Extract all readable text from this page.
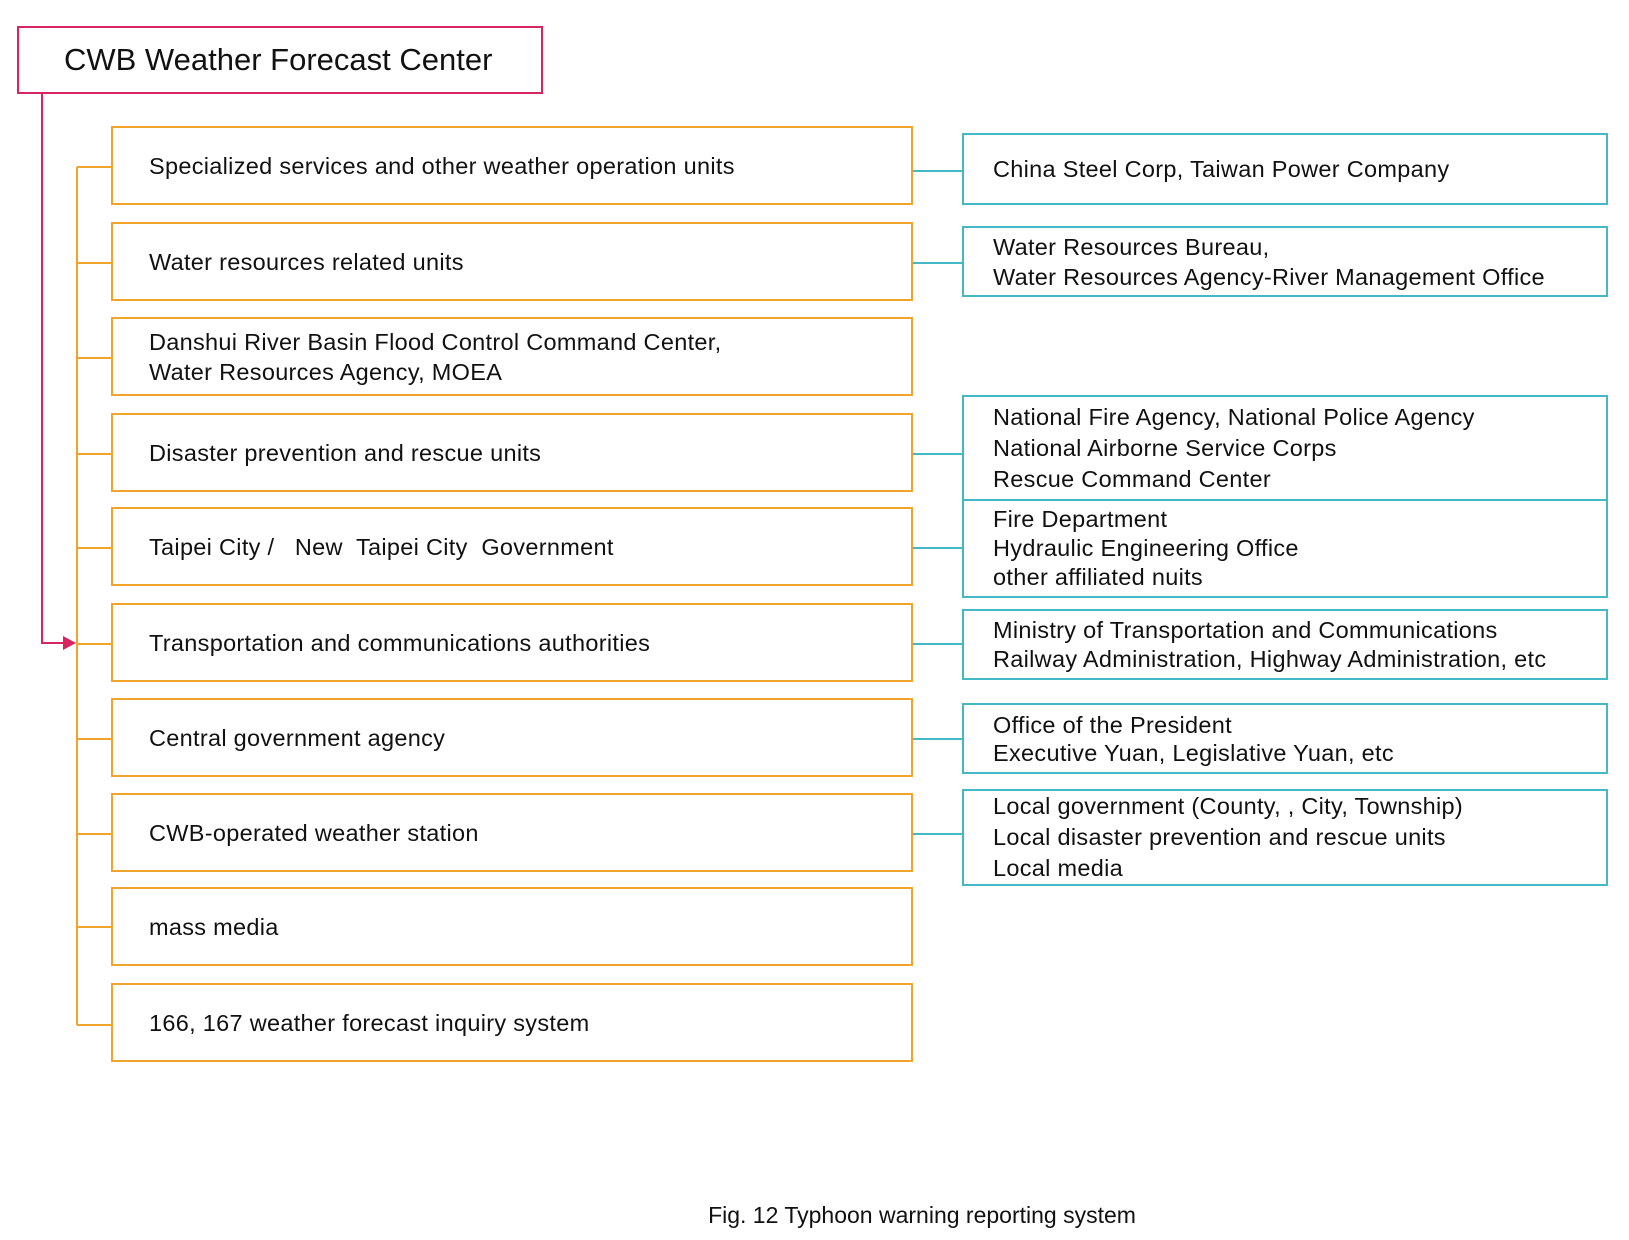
CWB Weather Forecast Center
Specialized services and other weather operation units
Water resources related units
Danshui River Basin Flood Control Command Center,
Water Resources Agency, MOEA
Disaster prevention and rescue units
Taipei City /   New  Taipei City  Government
Transportation and communications authorities
Central government agency
CWB-operated weather station
mass media
166, 167 weather forecast inquiry system
China Steel Corp, Taiwan Power Company
Water Resources Bureau,
Water Resources Agency-River Management Office
National Fire Agency, National Police Agency
National Airborne Service Corps
Rescue Command Center
Fire Department
Hydraulic Engineering Office
other affiliated nuits
Ministry of Transportation and Communications
Railway Administration, Highway Administration, etc
Office of the President
Executive Yuan, Legislative Yuan, etc
Local government (County, , City, Township)
Local disaster prevention and rescue units
Local media
Fig. 12 Typhoon warning reporting system
